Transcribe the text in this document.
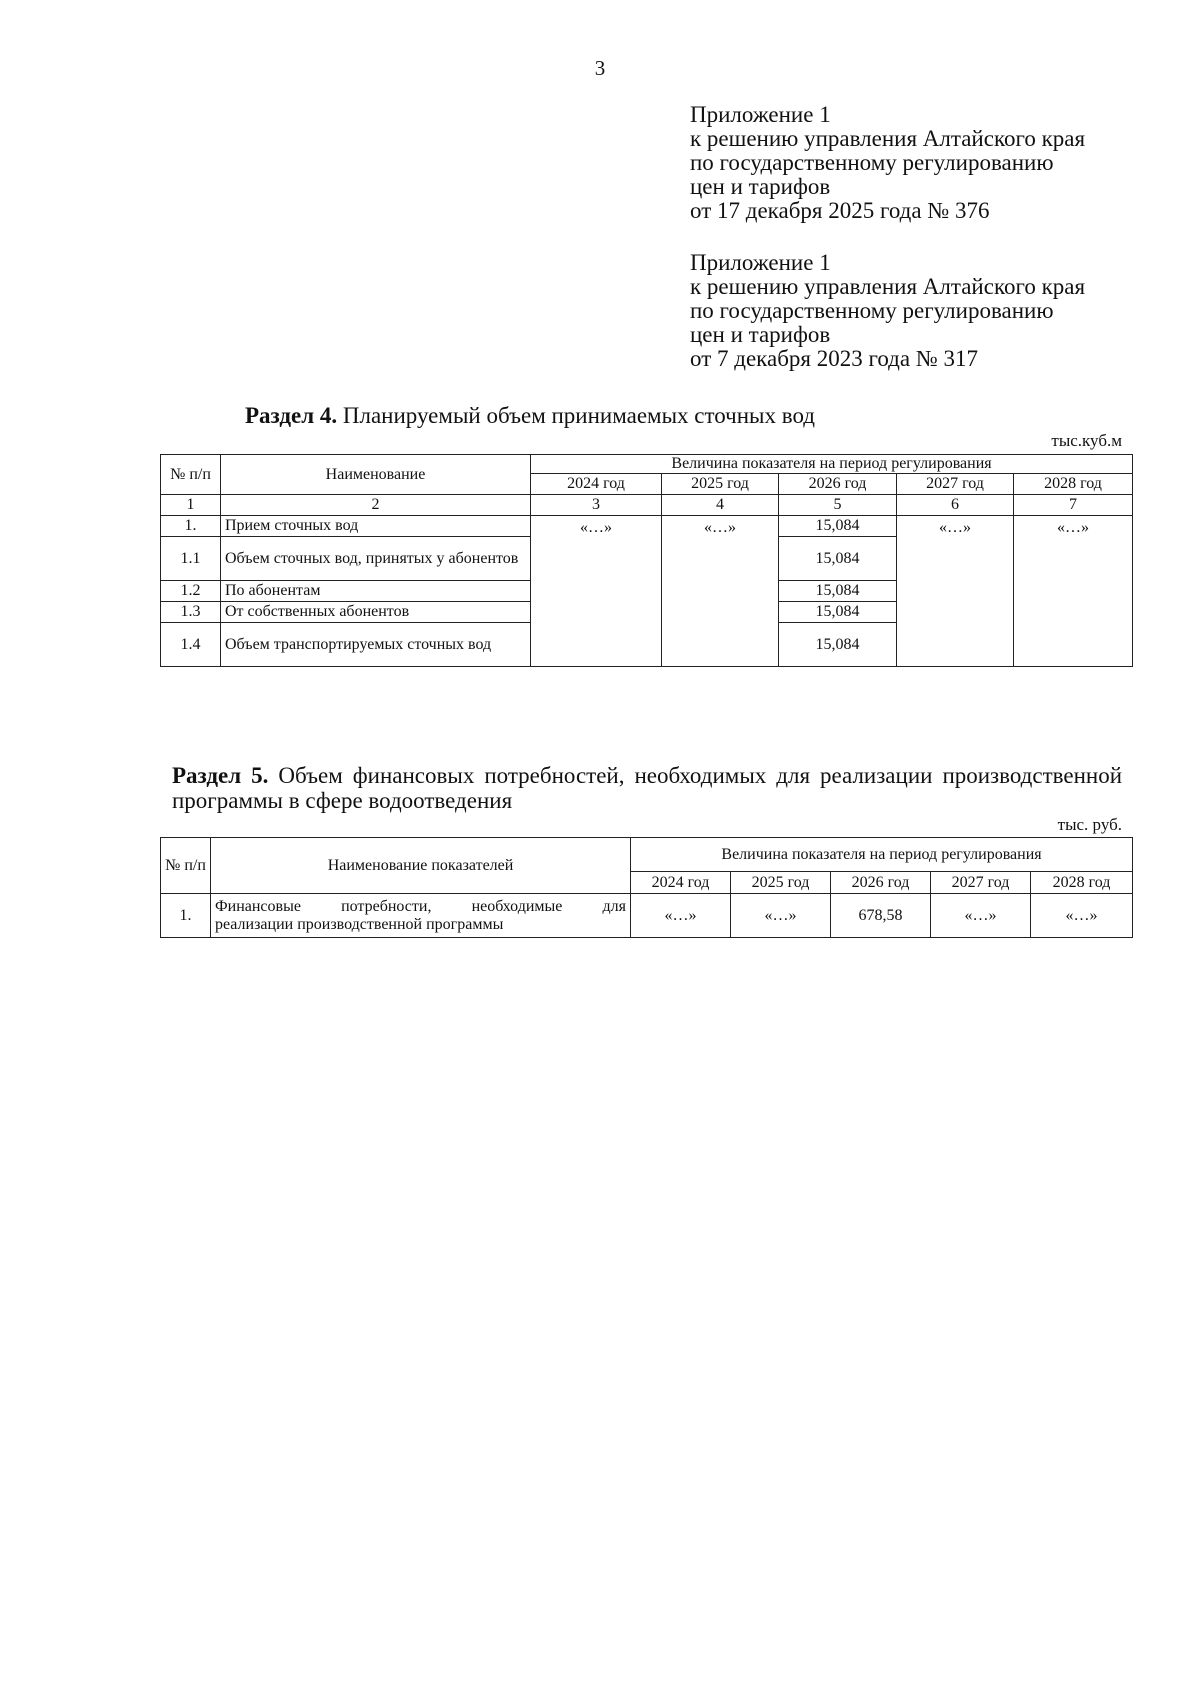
3
Приложение 1
к решению управления Алтайского края
по государственному регулированию
цен и тарифов
от 17 декабря 2025 года № 376
Приложение 1
к решению управления Алтайского края
по государственному регулированию
цен и тарифов
от 7 декабря 2023 года № 317
Раздел 4. Планируемый объем принимаемых сточных вод
тыс.куб.м
№ п/п	Наименование	Величина показателя на период регулирования				
		2024 год	2025 год	2026 год	2027 год	2028 год
1	2	3	4	5	6	7
1.	Прием сточных вод	«…»	«…»	15,084	«…»	«…»
1.1	Объем сточных вод, принятых у абонентов			15,084		
1.2	По абонентам			15,084		
1.3	От собственных абонентов			15,084		
1.4	Объем транспортируемых сточных вод			15,084		
Раздел 5. Объем финансовых потребностей, необходимых для реализации производственной программы в сфере водоотведения
тыс. руб.
№ п/п	Наименование показателей	Величина показателя на период регулирования				
		2024 год	2025 год	2026 год	2027 год	2028 год
1.	Финансовые потребности, необходимые для
реализации производственной программы	«…»	«…»	678,58	«…»	«…»
